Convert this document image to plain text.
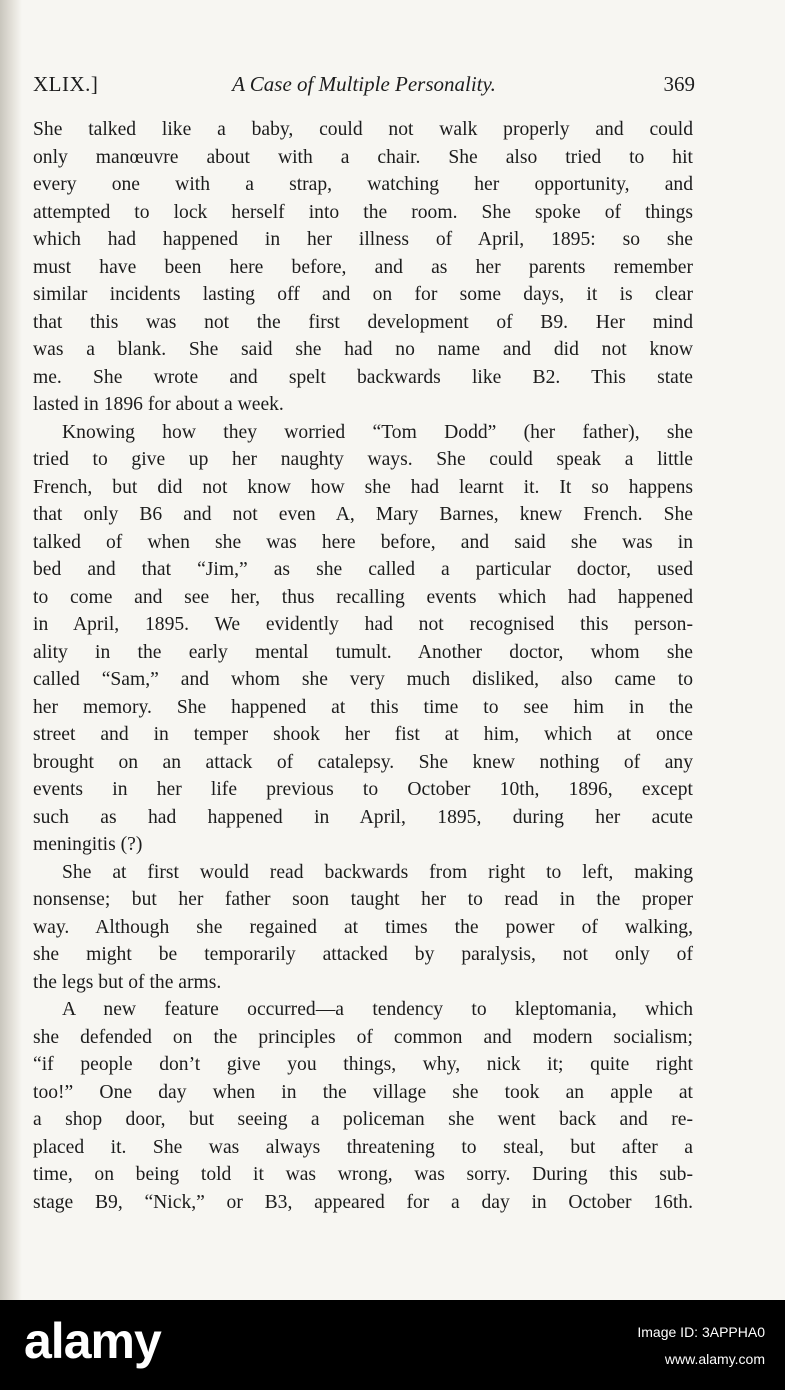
XLIX.]	A Case of Multiple Personality.	369
She talked like a baby, could not walk properly and could
only manœuvre about with a chair. She also tried to hit
every one with a strap, watching her opportunity, and
attempted to lock herself into the room. She spoke of things
which had happened in her illness of April, 1895: so she
must have been here before, and as her parents remember
similar incidents lasting off and on for some days, it is clear
that this was not the first development of B9. Her mind
was a blank. She said she had no name and did not know
me. She wrote and spelt backwards like B2. This state
lasted in 1896 for about a week.
Knowing how they worried “Tom Dodd” (her father), she
tried to give up her naughty ways. She could speak a little
French, but did not know how she had learnt it. It so happens
that only B6 and not even A, Mary Barnes, knew French. She
talked of when she was here before, and said she was in
bed and that “Jim,” as she called a particular doctor, used
to come and see her, thus recalling events which had happened
in April, 1895. We evidently had not recognised this person-
ality in the early mental tumult. Another doctor, whom she
called “Sam,” and whom she very much disliked, also came to
her memory. She happened at this time to see him in the
street and in temper shook her fist at him, which at once
brought on an attack of catalepsy. She knew nothing of any
events in her life previous to October 10th, 1896, except
such as had happened in April, 1895, during her acute
meningitis (?)
She at first would read backwards from right to left, making
nonsense; but her father soon taught her to read in the proper
way. Although she regained at times the power of walking,
she might be temporarily attacked by paralysis, not only of
the legs but of the arms.
A new feature occurred—a tendency to kleptomania, which
she defended on the principles of common and modern socialism;
“if people don’t give you things, why, nick it; quite right
too!” One day when in the village she took an apple at
a shop door, but seeing a policeman she went back and re-
placed it. She was always threatening to steal, but after a
time, on being told it was wrong, was sorry. During this sub-
stage B9, “Nick,” or B3, appeared for a day in October 16th.
alamy	Image ID: 3APPHA0
www.alamy.com
